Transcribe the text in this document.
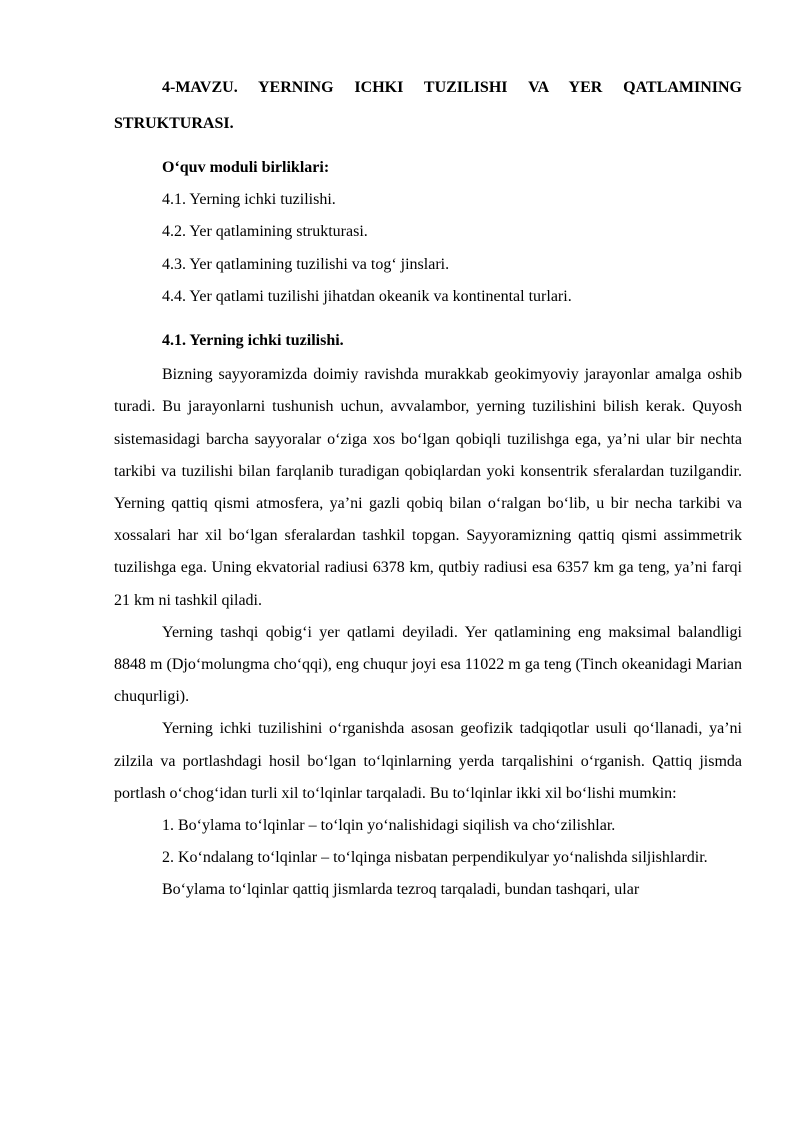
4-MAVZU. YERNING ICHKI TUZILISHI VA YER QATLAMINING STRUKTURASI.

O‘quv moduli birliklari:

4.1. Yerning ichki tuzilishi.

4.2. Yer qatlamining strukturasi.

4.3. Yer qatlamining tuzilishi va tog‘ jinslari.

4.4. Yer qatlami tuzilishi jihatdan okeanik va kontinental turlari.

4.1. Yerning ichki tuzilishi.

Bizning sayyoramizda doimiy ravishda murakkab geokimyoviy jarayonlar amalga oshib turadi. Bu jarayonlarni tushunish uchun, avvalambor, yerning tuzilishini bilish kerak. Quyosh sistemasidagi barcha sayyoralar o‘ziga xos bo‘lgan qobiqli tuzilishga ega, ya’ni ular bir nechta tarkibi va tuzilishi bilan farqlanib turadigan qobiqlardan yoki konsentrik sferalardan tuzilgandir. Yerning qattiq qismi atmosfera, ya’ni gazli qobiq bilan o‘ralgan bo‘lib, u bir necha tarkibi va xossalari har xil bo‘lgan sferalardan tashkil topgan. Sayyoramizning qattiq qismi assimmetrik tuzilishga ega. Uning ekvatorial radiusi 6378 km, qutbiy radiusi esa 6357 km ga teng, ya’ni farqi 21 km ni tashkil qiladi.

Yerning tashqi qobig‘i yer qatlami deyiladi. Yer qatlamining eng maksimal balandligi 8848 m (Djo‘molungma cho‘qqi), eng chuqur joyi esa 11022 m ga teng (Tinch okeanidagi Marian chuqurligi).

Yerning ichki tuzilishini o‘rganishda asosan geofizik tadqiqotlar usuli qo‘llanadi, ya’ni zilzila va portlashdagi hosil bo‘lgan to‘lqinlarning yerda tarqalishini o‘rganish. Qattiq jismda portlash o‘chog‘idan turli xil to‘lqinlar tarqaladi. Bu to‘lqinlar ikki xil bo‘lishi mumkin:

1. Bo‘ylama to‘lqinlar – to‘lqin yo‘nalishidagi siqilish va cho‘zilishlar.

2. Ko‘ndalang to‘lqinlar – to‘lqinga nisbatan perpendikulyar yo‘nalishda siljishlardir.

Bo‘ylama to‘lqinlar qattiq jismlarda tezroq tarqaladi, bundan tashqari, ular
